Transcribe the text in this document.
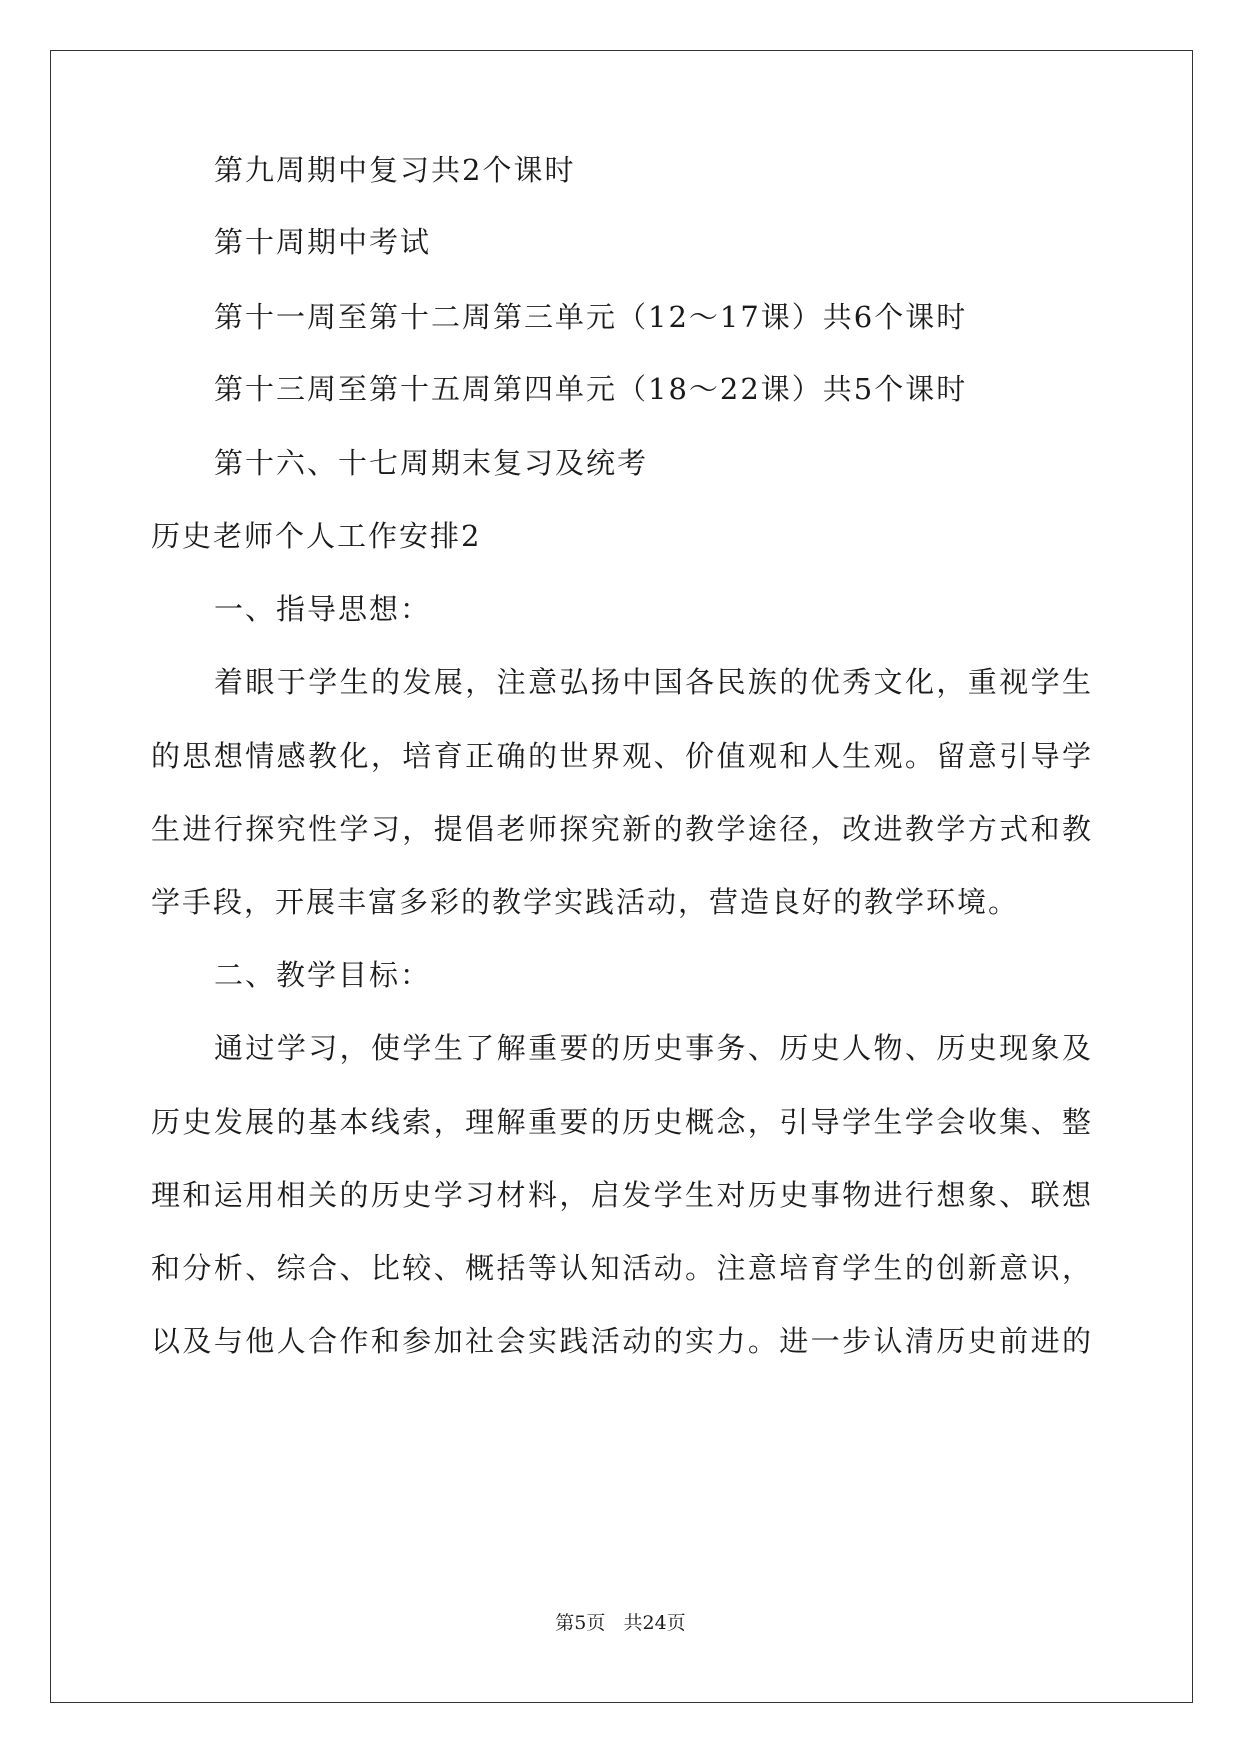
第九周期中复习共2个课时
第十周期中考试
第十一周至第十二周第三单元（12～17课）共6个课时
第十三周至第十五周第四单元（18～22课）共5个课时
第十六、十七周期末复习及统考
历史老师个人工作安排2
一、指导思想：
着眼于学生的发展，注意弘扬中国各民族的优秀文化，重视学生
的思想情感教化，培育正确的世界观、价值观和人生观。留意引导学
生进行探究性学习，提倡老师探究新的教学途径，改进教学方式和教
学手段，开展丰富多彩的教学实践活动，营造良好的教学环境。
二、教学目标：
通过学习，使学生了解重要的历史事务、历史人物、历史现象及
历史发展的基本线索，理解重要的历史概念，引导学生学会收集、整
理和运用相关的历史学习材料，启发学生对历史事物进行想象、联想
和分析、综合、比较、概括等认知活动。注意培育学生的创新意识，
以及与他人合作和参加社会实践活动的实力。进一步认清历史前进的
第5页   共24页
